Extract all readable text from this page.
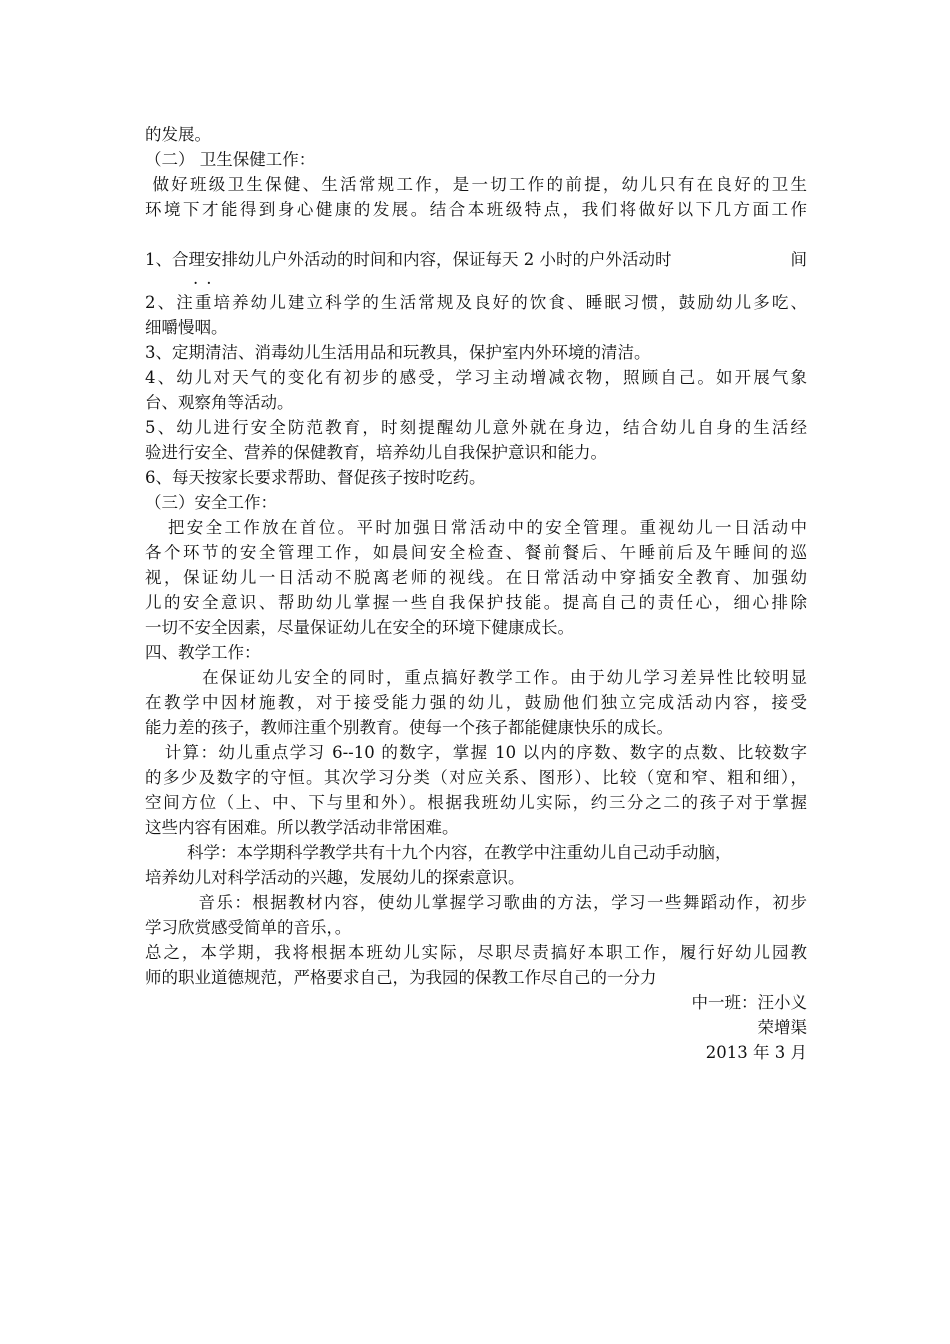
的发展。
（二） 卫生保健工作：
做好班级卫生保健、生活常规工作，是一切工作的前提，幼儿只有在良好的卫生
环境下才能得到身心健康的发展。结合本班级特点，我们将做好以下几方面工作
1、合理安排幼儿户外活动的时间和内容，保证每天 2 小时的户外活动时	间
..
2、注重培养幼儿建立科学的生活常规及良好的饮食、睡眠习惯，鼓励幼儿多吃、
细嚼慢咽。
3、定期清洁、消毒幼儿生活用品和玩教具，保护室内外环境的清洁。
4、幼儿对天气的变化有初步的感受，学习主动增减衣物，照顾自己。如开展气象
台、观察角等活动。
5、幼儿进行安全防范教育，时刻提醒幼儿意外就在身边，结合幼儿自身的生活经
验进行安全、营养的保健教育，培养幼儿自我保护意识和能力。
6、每天按家长要求帮助、督促孩子按时吃药。
（三）安全工作：
把安全工作放在首位。平时加强日常活动中的安全管理。重视幼儿一日活动中
各个环节的安全管理工作，如晨间安全检查、餐前餐后、午睡前后及午睡间的巡
视，保证幼儿一日活动不脱离老师的视线。在日常活动中穿插安全教育、加强幼
儿的安全意识、帮助幼儿掌握一些自我保护技能。提高自己的责任心，细心排除
一切不安全因素，尽量保证幼儿在安全的环境下健康成长。
四、教学工作：
在保证幼儿安全的同时，重点搞好教学工作。由于幼儿学习差异性比较明显
在教学中因材施教，对于接受能力强的幼儿，鼓励他们独立完成活动内容，接受
能力差的孩子，教师注重个别教育。使每一个孩子都能健康快乐的成长。
计算：幼儿重点学习 6--10 的数字，掌握 10 以内的序数、数字的点数、比较数字
的多少及数字的守恒。其次学习分类（对应关系、图形）、比较（宽和窄、粗和细），
空间方位（上、中、下与里和外）。根据我班幼儿实际，约三分之二的孩子对于掌握
这些内容有困难。所以教学活动非常困难。
科学：本学期科学教学共有十九个内容，在教学中注重幼儿自己动手动脑，
培养幼儿对科学活动的兴趣，发展幼儿的探索意识。
音乐：根据教材内容，使幼儿掌握学习歌曲的方法，学习一些舞蹈动作，初步
学习欣赏感受简单的音乐，。
总之，本学期，我将根据本班幼儿实际，尽职尽责搞好本职工作，履行好幼儿园教
师的职业道德规范，严格要求自己，为我园的保教工作尽自己的一分力
中一班：汪小义
荣增渠
2013 年 3 月
